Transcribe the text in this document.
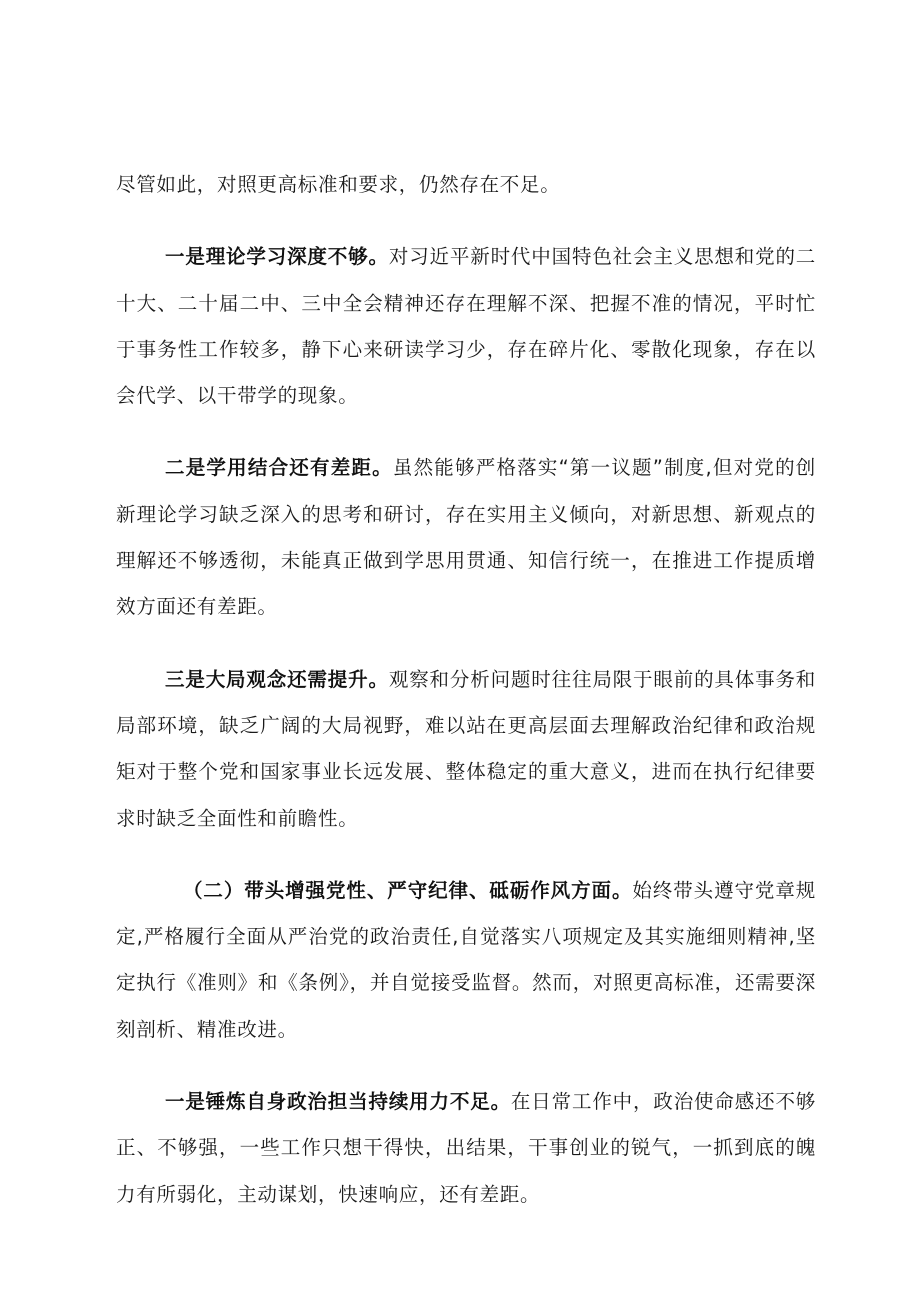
尽管如此，对照更高标准和要求，仍然存在不足。

一是理论学习深度不够。对习近平新时代中国特色社会主义思想和党的二十大、二十届二中、三中全会精神还存在理解不深、把握不准的情况，平时忙于事务性工作较多，静下心来研读学习少，存在碎片化、零散化现象，存在以会代学、以干带学的现象。

二是学用结合还有差距。虽然能够严格落实“第一议题”制度,但对党的创新理论学习缺乏深入的思考和研讨，存在实用主义倾向，对新思想、新观点的理解还不够透彻，未能真正做到学思用贯通、知信行统一，在推进工作提质增效方面还有差距。

三是大局观念还需提升。观察和分析问题时往往局限于眼前的具体事务和局部环境，缺乏广阔的大局视野，难以站在更高层面去理解政治纪律和政治规矩对于整个党和国家事业长远发展、整体稳定的重大意义，进而在执行纪律要求时缺乏全面性和前瞻性。

（二）带头增强党性、严守纪律、砥砺作风方面。始终带头遵守党章规定,严格履行全面从严治党的政治责任,自觉落实八项规定及其实施细则精神,坚定执行《准则》和《条例》，并自觉接受监督。然而，对照更高标准，还需要深刻剖析、精准改进。

一是锤炼自身政治担当持续用力不足。在日常工作中，政治使命感还不够正、不够强，一些工作只想干得快，出结果，干事创业的锐气，一抓到底的魄力有所弱化，主动谋划，快速响应，还有差距。
